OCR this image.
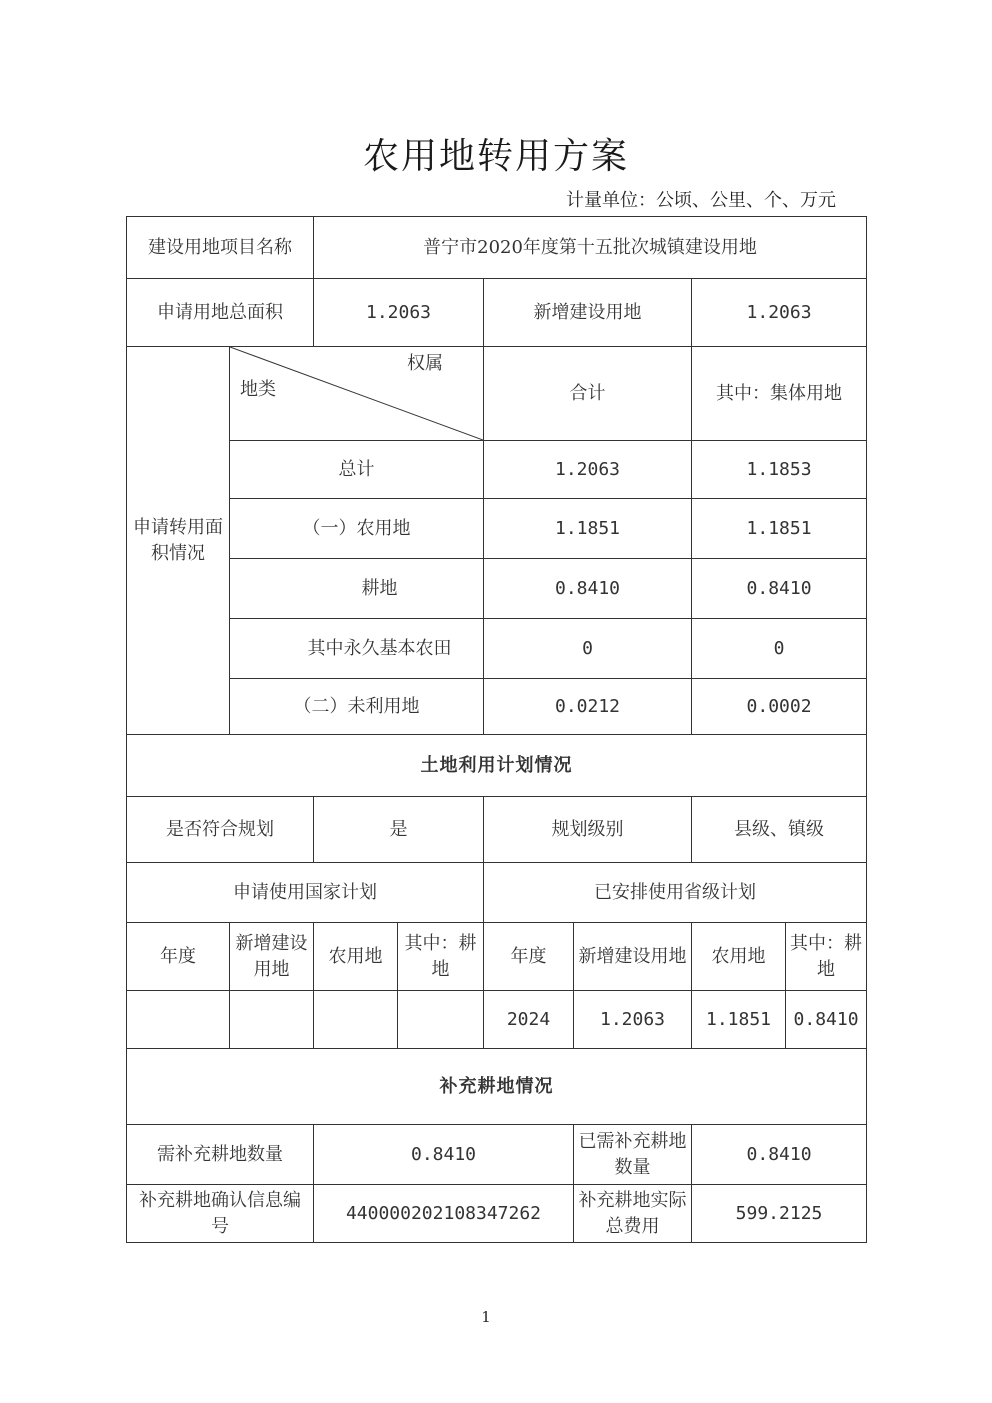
农用地转用方案
计量单位：公顷、公里、个、万元
建设用地项目名称		普宁市2020年度第十五批次城镇建设用地					
申请用地总面积		1.2063		新增建设用地		1.2063	
申请转用面积情况	权属
地类			合计		其中：集体用地	
	总计			1.2063		1.1853	
	（一）农用地			1.1851		1.1851	
	耕地			0.8410		0.8410	
	其中永久基本农田			0		0	
	（二）未利用地			0.0212		0.0002	
土地利用计划情况							
是否符合规划		是		规划级别		县级、镇级	
申请使用国家计划				已安排使用省级计划			
年度	新增建设用地	农用地	其中：耕地	年度	新增建设用地	农用地	其中：耕地
				2024	1.2063	1.1851	0.8410
补充耕地情况							
需补充耕地数量		0.8410			已需补充耕地数量	0.8410	
补充耕地确认信息编号		440000202108347262			补充耕地实际总费用	599.2125	
1
